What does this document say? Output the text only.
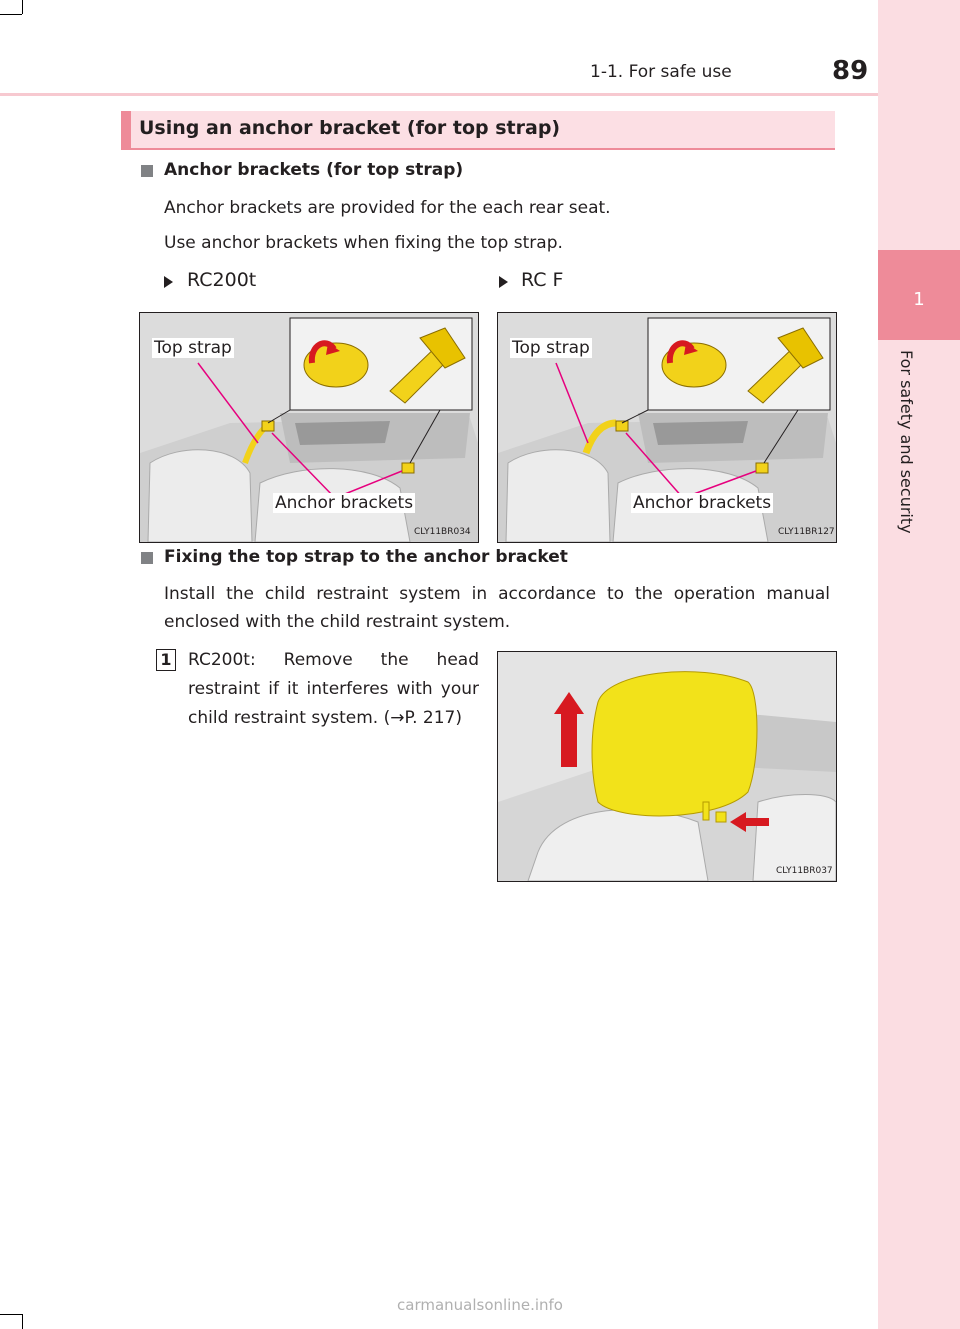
1
For safety and security
1-1. For safe use	89
Using an anchor bracket (for top strap)
Anchor brackets (for top strap)
Anchor brackets are provided for the each rear seat.
Use anchor brackets when fixing the top strap.
RC200t	RC F
Top strap
Anchor brackets
CLY11BR034
Top strap
Anchor brackets
CLY11BR127
Fixing the top strap to the anchor bracket
Install the child restraint system in accordance to the operation manual enclosed with the child restraint system.
1 RC200t: Remove the head restraint if it interferes with your child restraint system. (→P. 217)
CLY11BR037
carmanualsonline.info
